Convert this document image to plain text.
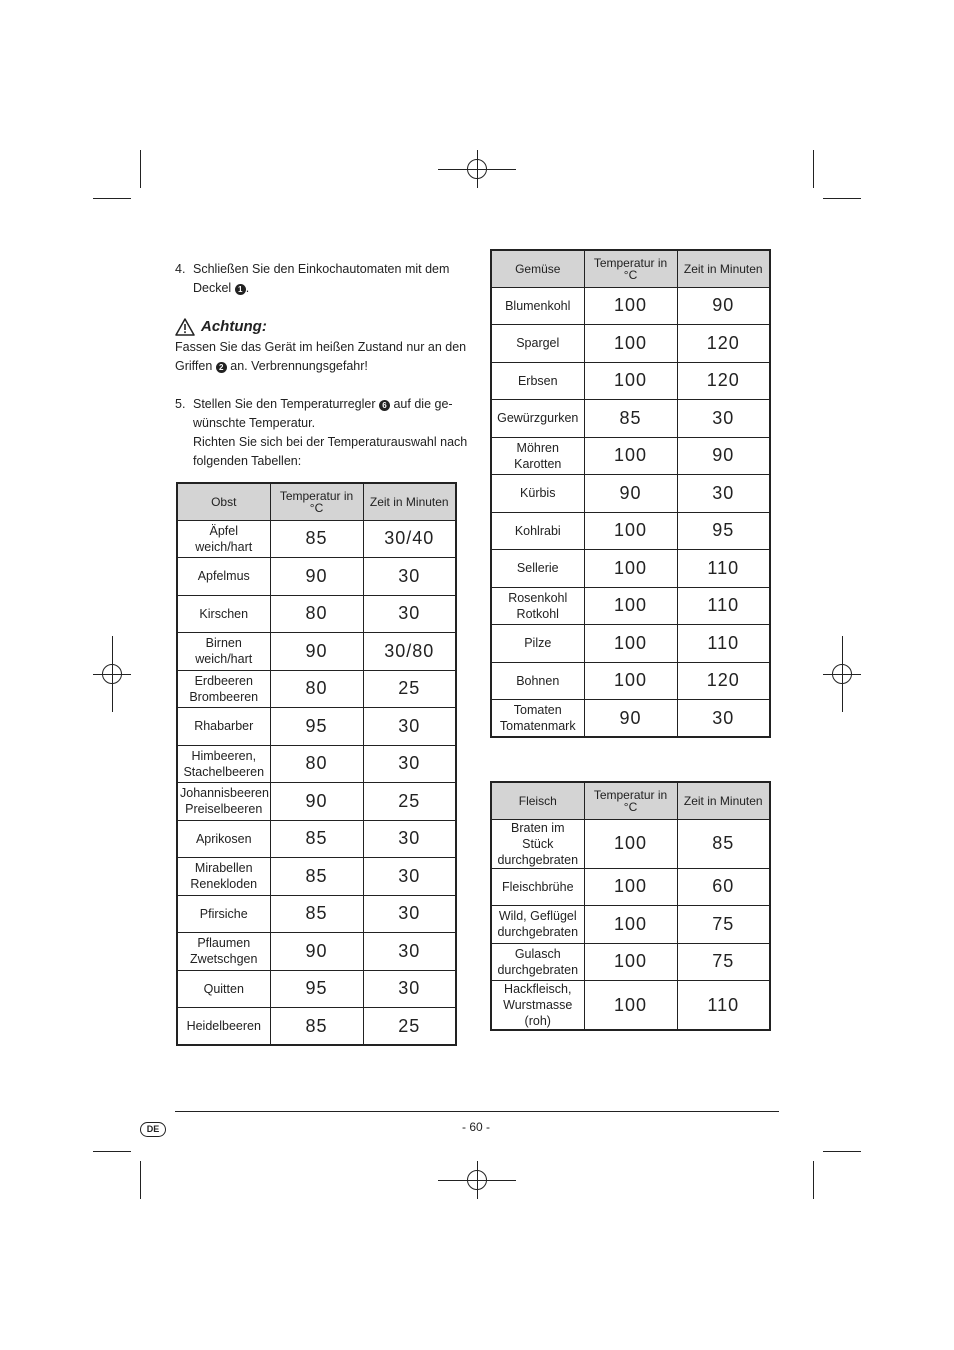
4. Schließen Sie den Einkochautomaten mit dem
Deckel 1 .
Achtung:
Fassen Sie das Gerät im heißen Zustand nur an den
Griffen 2 an. Verbrennungsgefahr!
5. Stellen Sie den Temperaturregler 6 auf die ge-
wünschte Temperatur.
Richten Sie sich bei der Temperaturauswahl nach
folgenden Tabellen:
Obst	Temperatur in °C	Zeit in Minuten
Äpfel
weich/hart	85	30/40
Apfelmus	90	30
Kirschen	80	30
Birnen
weich/hart	90	30/80
Erdbeeren
Brombeeren	80	25
Rhabarber	95	30
Himbeeren,
Stachelbeeren	80	30
Johannisbeeren
Preiselbeeren	90	25
Aprikosen	85	30
Mirabellen
Renekloden	85	30
Pfirsiche	85	30
Pflaumen
Zwetschgen	90	30
Quitten	95	30
Heidelbeeren	85	25
Gemüse	Temperatur in °C	Zeit in Minuten
Blumenkohl	100	90
Spargel	100	120
Erbsen	100	120
Gewürzgurken	85	30
Möhren
Karotten	100	90
Kürbis	90	30
Kohlrabi	100	95
Sellerie	100	110
Rosenkohl
Rotkohl	100	110
Pilze	100	110
Bohnen	100	120
Tomaten
Tomatenmark	90	30
Fleisch	Temperatur in °C	Zeit in Minuten
Braten im Stück
durchgebraten	100	85
Fleischbrühe	100	60
Wild, Geflügel
durchgebraten	100	75
Gulasch
durchgebraten	100	75
Hackfleisch,
Wurstmasse (roh)	100	110
DE	- 60 -
